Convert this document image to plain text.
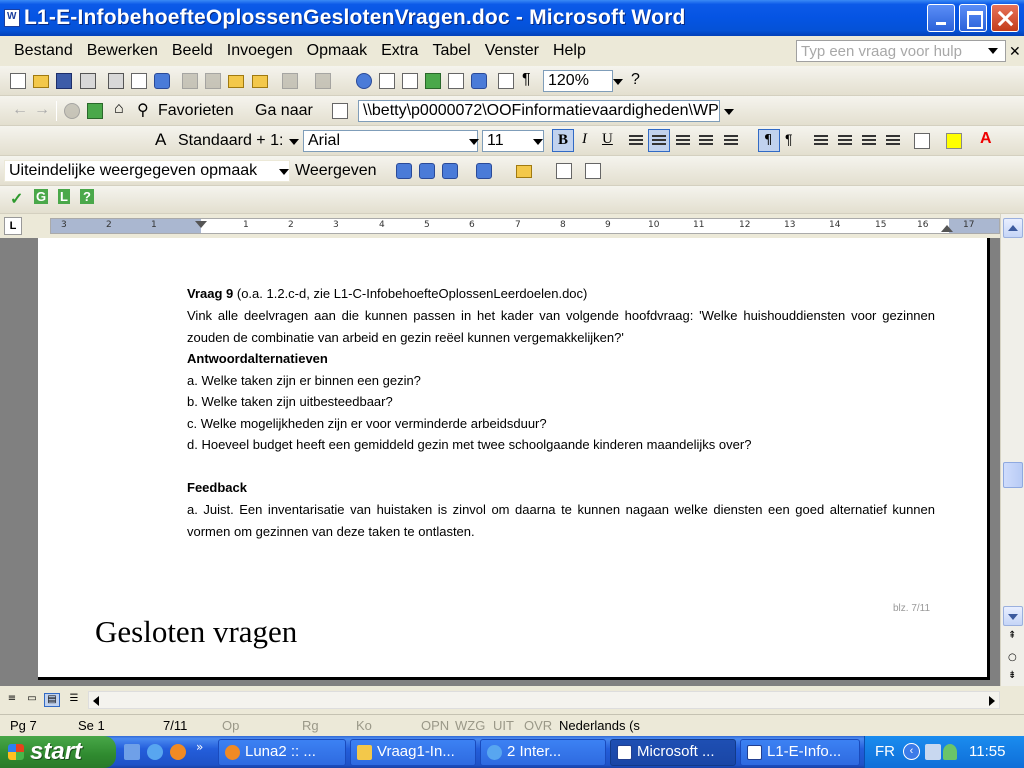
W
L1-E-InfobehoefteOplossenGeslotenVragen.doc - Microsoft Word
Bestand Bewerken Beeld Invoegen Opmaak Extra Tabel Venster Help	Typ een vraag voor hulp	✕
¶	120%	?
← →	⌂ ⚲ Favorieten Ga naar	\\betty\p0000072\OOFinformatievaardigheden\WP
A Standaard + 1:	Arial	11	B I U	¶ ¶	A
Uiteindelijke weergegeven opmaak	Weergeven
✓ G L ?
L	3	2	1	1	2	3	4	5	6	7	8	9	10	11	12	13	14	15	16	17
Vraag 9 (o.a. 1.2.c-d, zie L1-C-InfobehoefteOplossenLeerdoelen.doc)
Vink alle deelvragen aan die kunnen passen in het kader van volgende hoofdvraag: 'Welke huishouddiensten voor gezinnen zouden de combinatie van arbeid en gezin reëel kunnen vergemakkelijken?'
Antwoordalternatieven
a. Welke taken zijn er binnen een gezin?
b. Welke taken zijn uitbesteedbaar?
c. Welke mogelijkheden zijn er voor verminderde arbeidsduur?
d. Hoeveel budget heeft een gemiddeld gezin met twee schoolgaande kinderen maandelijks over?
Feedback
a. Juist. Een inventarisatie van huistaken is zinvol om daarna te kunnen nagaan welke diensten een goed alternatief kunnen vormen om gezinnen van deze taken te ontlasten.
blz. 7/11
Gesloten vragen	⇞
○
⇟
≡	▭	▤	☰
Pg 7	Se 1	7/11	Op	Rg	Ko	OPN WZG UIT OVR Nederlands (s
start	»	Luna2 :: ...	Vraag1-In...	2 Inter...	Microsoft ...	L1-E-Info...	FR	‹	11:55
